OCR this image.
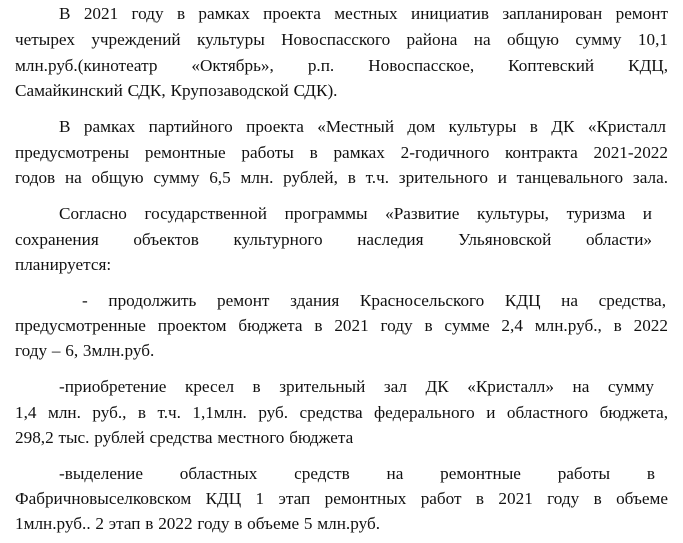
В 2021 году в рамках проекта местных инициатив запланирован ремонт
четырех учреждений культуры Новоспасского района на общую сумму 10,1
млн.руб.(кинотеатр «Октябрь», р.п. Новоспасское, Коптевский КДЦ,
Самайкинский СДК, Крупозаводской СДК).
В рамках партийного проекта «Местный дом культуры в ДК «Кристалл
предусмотрены ремонтные работы в рамках 2-годичного контракта 2021-2022
годов на общую сумму 6,5 млн. рублей, в т.ч. зрительного и танцевального зала.
Согласно государственной программы «Развитие культуры, туризма и
сохранения объектов культурного наследия Ульяновской области»
планируется:
- продолжить ремонт здания Красносельского КДЦ на средства,
предусмотренные проектом бюджета в 2021 году в сумме 2,4 млн.руб., в 2022
году – 6, 3млн.руб.
-приобретение кресел в зрительный зал ДК «Кристалл» на сумму
1,4 млн. руб., в т.ч. 1,1млн. руб. средства федерального и областного бюджета,
298,2 тыс. рублей средства местного бюджета
-выделение областных средств на ремонтные работы в
Фабричновыселковском КДЦ 1 этап ремонтных работ в 2021 году в объеме
1млн.руб.. 2 этап в 2022 году в объеме 5 млн.руб.
